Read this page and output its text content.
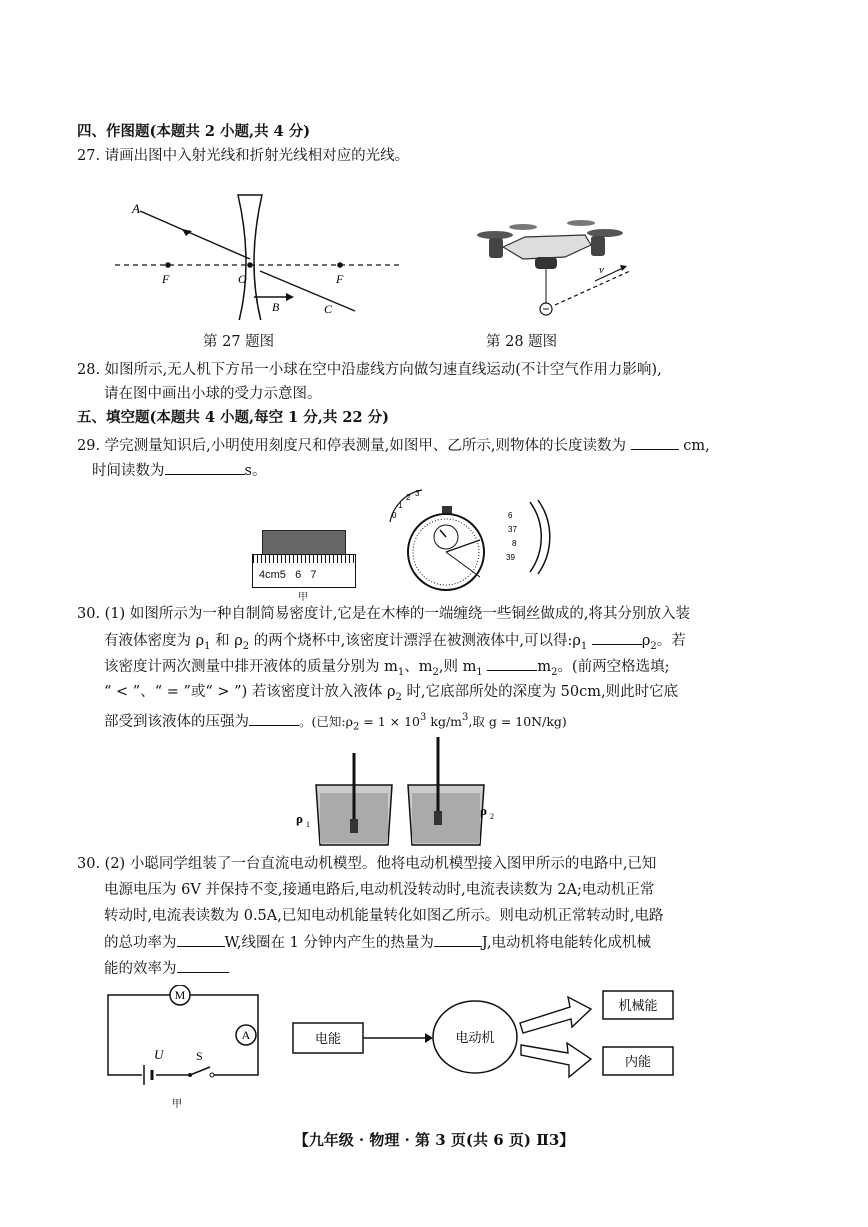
四、作图题(本题共 2 小题,共 4 分)
27. 请画出图中入射光线和折射光线相对应的光线。
A
F	O	F
B	C
第 27 题图
v
第 28 题图
28. 如图所示,无人机下方吊一小球在空中沿虚线方向做匀速直线运动(不计空气作用力影响),
请在图中画出小球的受力示意图。
五、填空题(本题共 4 小题,每空 1 分,共 22 分)
29. 学完测量知识后,小明使用刻度尺和停表测量,如图甲、乙所示,则物体的长度读数为	cm,
时间读数为	s。
4cm5   6   7
甲
0
1
2 3
6
37
8
39
30. (1) 如图所示为一种自制简易密度计,它是在木棒的一端缠绕一些铜丝做成的,将其分别放入装
有液体密度为 $\rho_1$ 和 $\rho_2$ 的两个烧杯中,该密度计漂浮在被测液体中,可以得$:\rho_1$	$\rho_2$。若
该密度计两次测量中排开液体的质量分别为 $m_1$、$m_2$,则 $m_1$	$m_2$。(前两空格选填;
“ < ”、“ = ”或“ > ”) 若该密度计放入液体 $\rho_2$ 时,它底部所处的深度为 50cm,则此时它底
部受到该液体的压强为	。(已知$:\rho_2 = 1 \times 10^3$ $kg/m^3$,取 g = 10N/kg)
ρ 1
ρ 2
30. (2) 小聪同学组装了一台直流电动机模型。他将电动机模型接入图甲所示的电路中,已知
电源电压为 6V 并保持不变,接通电路后,电动机没转动时,电流表读数为 2A;电动机正常
转动时,电流表读数为 0.5A,已知电动机能量转化如图乙所示。则电动机正常转动时,电路
的总功率为	W,线圈在 1 分钟内产生的热量为	J,电动机将电能转化成机械
能的效率为
M
A
U	S
甲
电能	电动机
机械能
内能
【九年级 · 物理 · 第 3 页(共 6 页) Ⅱ3】
